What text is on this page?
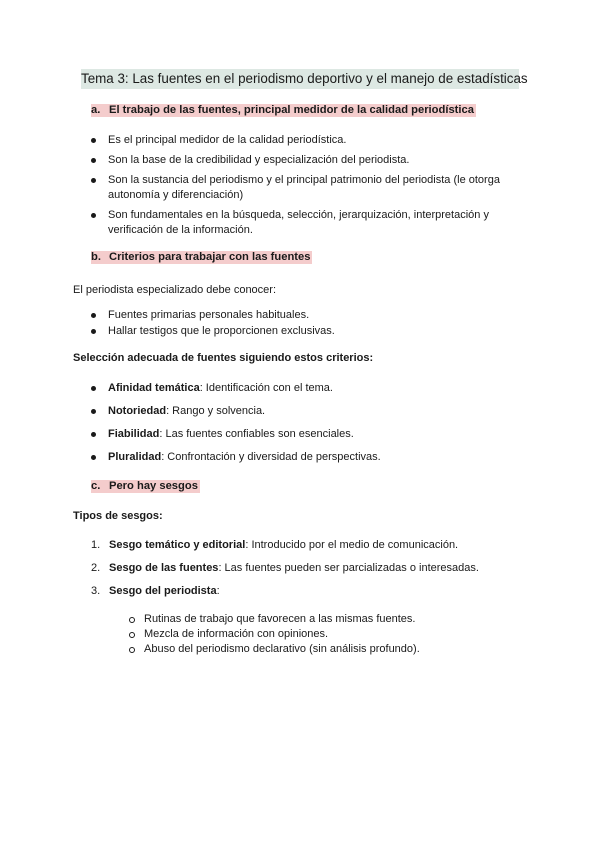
Tema 3: Las fuentes en el periodismo deportivo y el manejo de estadísticas
a. El trabajo de las fuentes, principal medidor de la calidad periodística
Es el principal medidor de la calidad periodística.
Son la base de la credibilidad y especialización del periodista.
Son la sustancia del periodismo y el principal patrimonio del periodista (le otorga autonomía y diferenciación)
Son fundamentales en la búsqueda, selección, jerarquización, interpretación y verificación de la información.
b. Criterios para trabajar con las fuentes
El periodista especializado debe conocer:
Fuentes primarias personales habituales.
Hallar testigos que le proporcionen exclusivas.
Selección adecuada de fuentes siguiendo estos criterios:
Afinidad temática: Identificación con el tema.
Notoriedad: Rango y solvencia.
Fiabilidad: Las fuentes confiables son esenciales.
Pluralidad: Confrontación y diversidad de perspectivas.
c. Pero hay sesgos
Tipos de sesgos:
1. Sesgo temático y editorial: Introducido por el medio de comunicación.
2. Sesgo de las fuentes: Las fuentes pueden ser parcializadas o interesadas.
3. Sesgo del periodista:
Rutinas de trabajo que favorecen a las mismas fuentes.
Mezcla de información con opiniones.
Abuso del periodismo declarativo (sin análisis profundo).
